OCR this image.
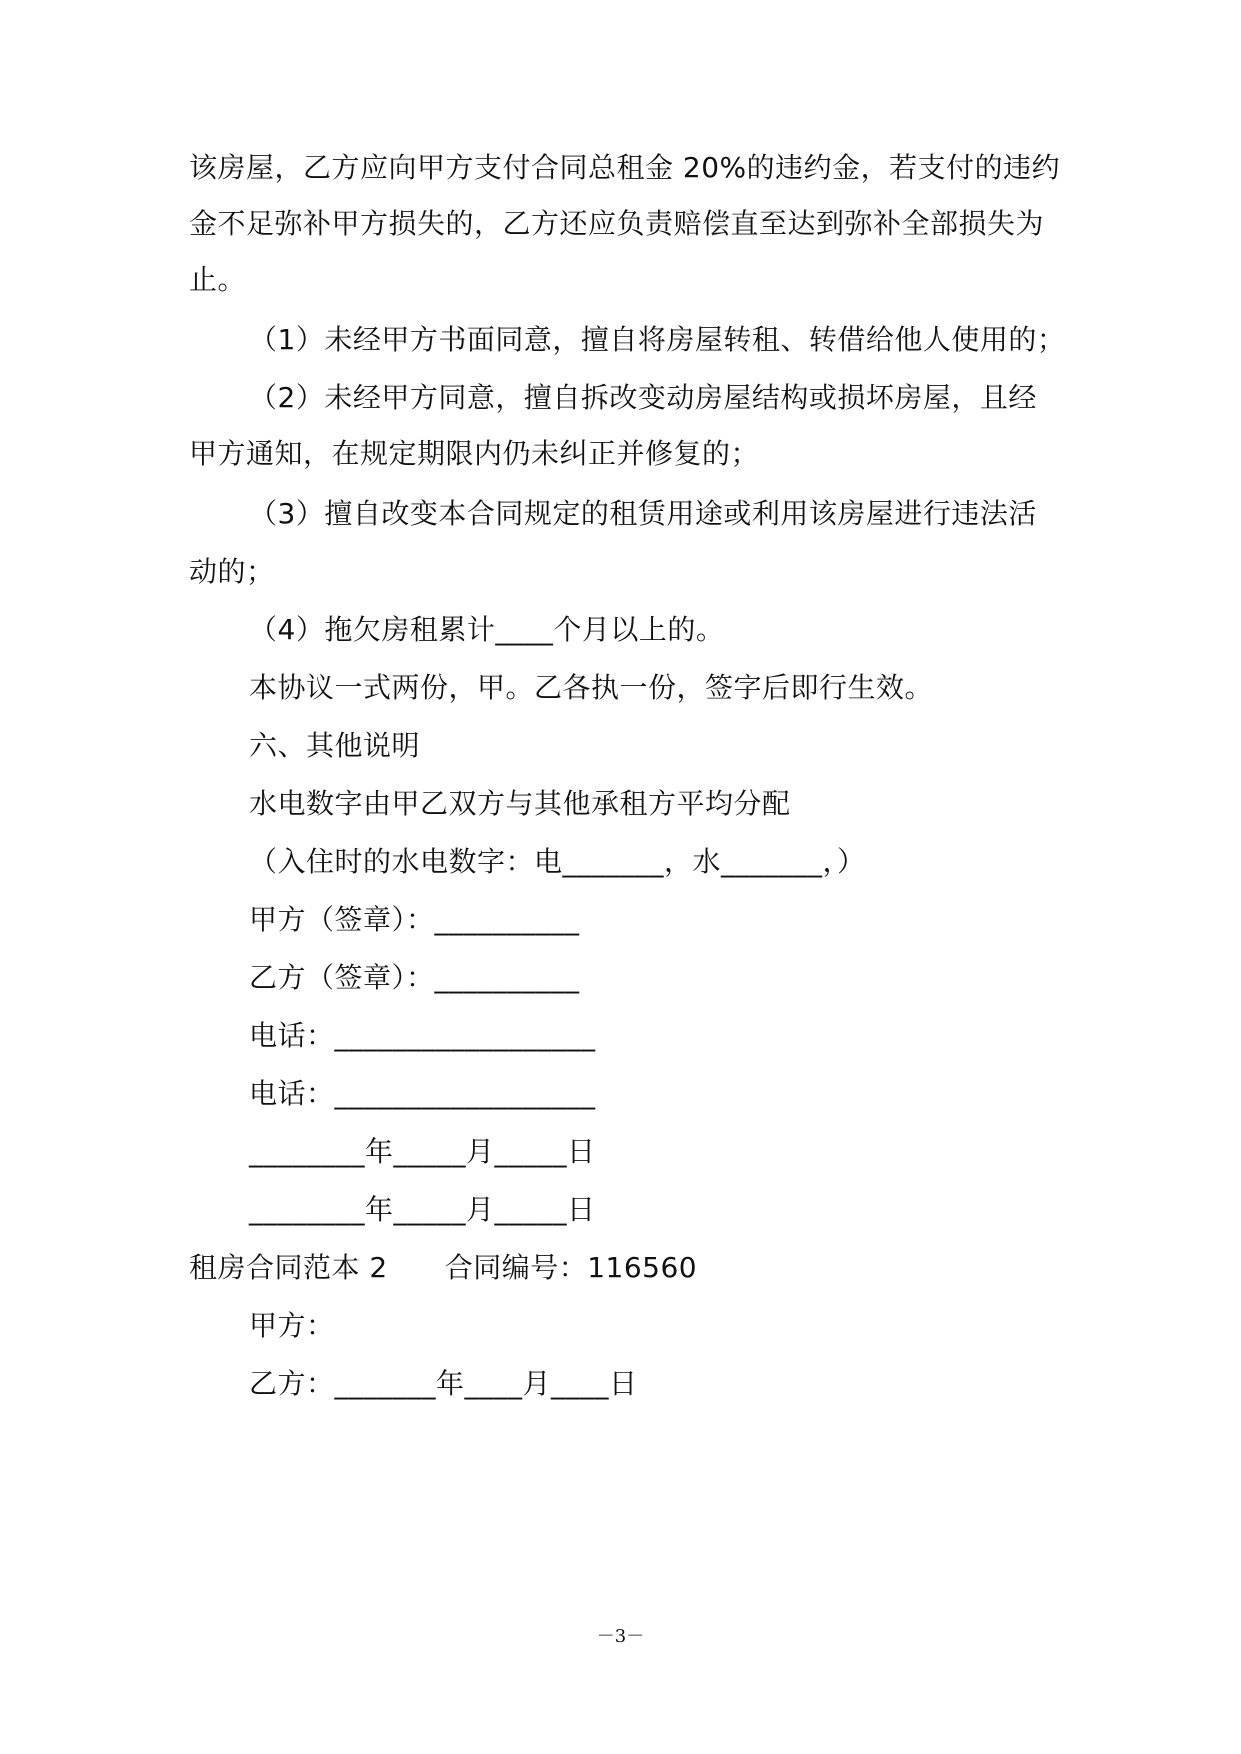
该房屋，乙方应向甲方支付合同总租金 20%的违约金，若支付的违约
金不足弥补甲方损失的，乙方还应负责赔偿直至达到弥补全部损失为
止。
（1）未经甲方书面同意，擅自将房屋转租、转借给他人使用的；
（2）未经甲方同意，擅自拆改变动房屋结构或损坏房屋，且经
甲方通知，在规定期限内仍未纠正并修复的；
（3）擅自改变本合同规定的租赁用途或利用该房屋进行违法活
动的；
（4）拖欠房租累计____个月以上的。
本协议一式两份，甲。乙各执一份，签字后即行生效。
六、其他说明
水电数字由甲乙双方与其他承租方平均分配
（入住时的水电数字：电_______，水_______，）
甲方（签章）：__________
乙方（签章）：__________
电话：__________________
电话：__________________
________年_____月_____日
________年_____月_____日
租房合同范本 2　　合同编号：116560
甲方：
乙方：_______年____月____日
－3－
